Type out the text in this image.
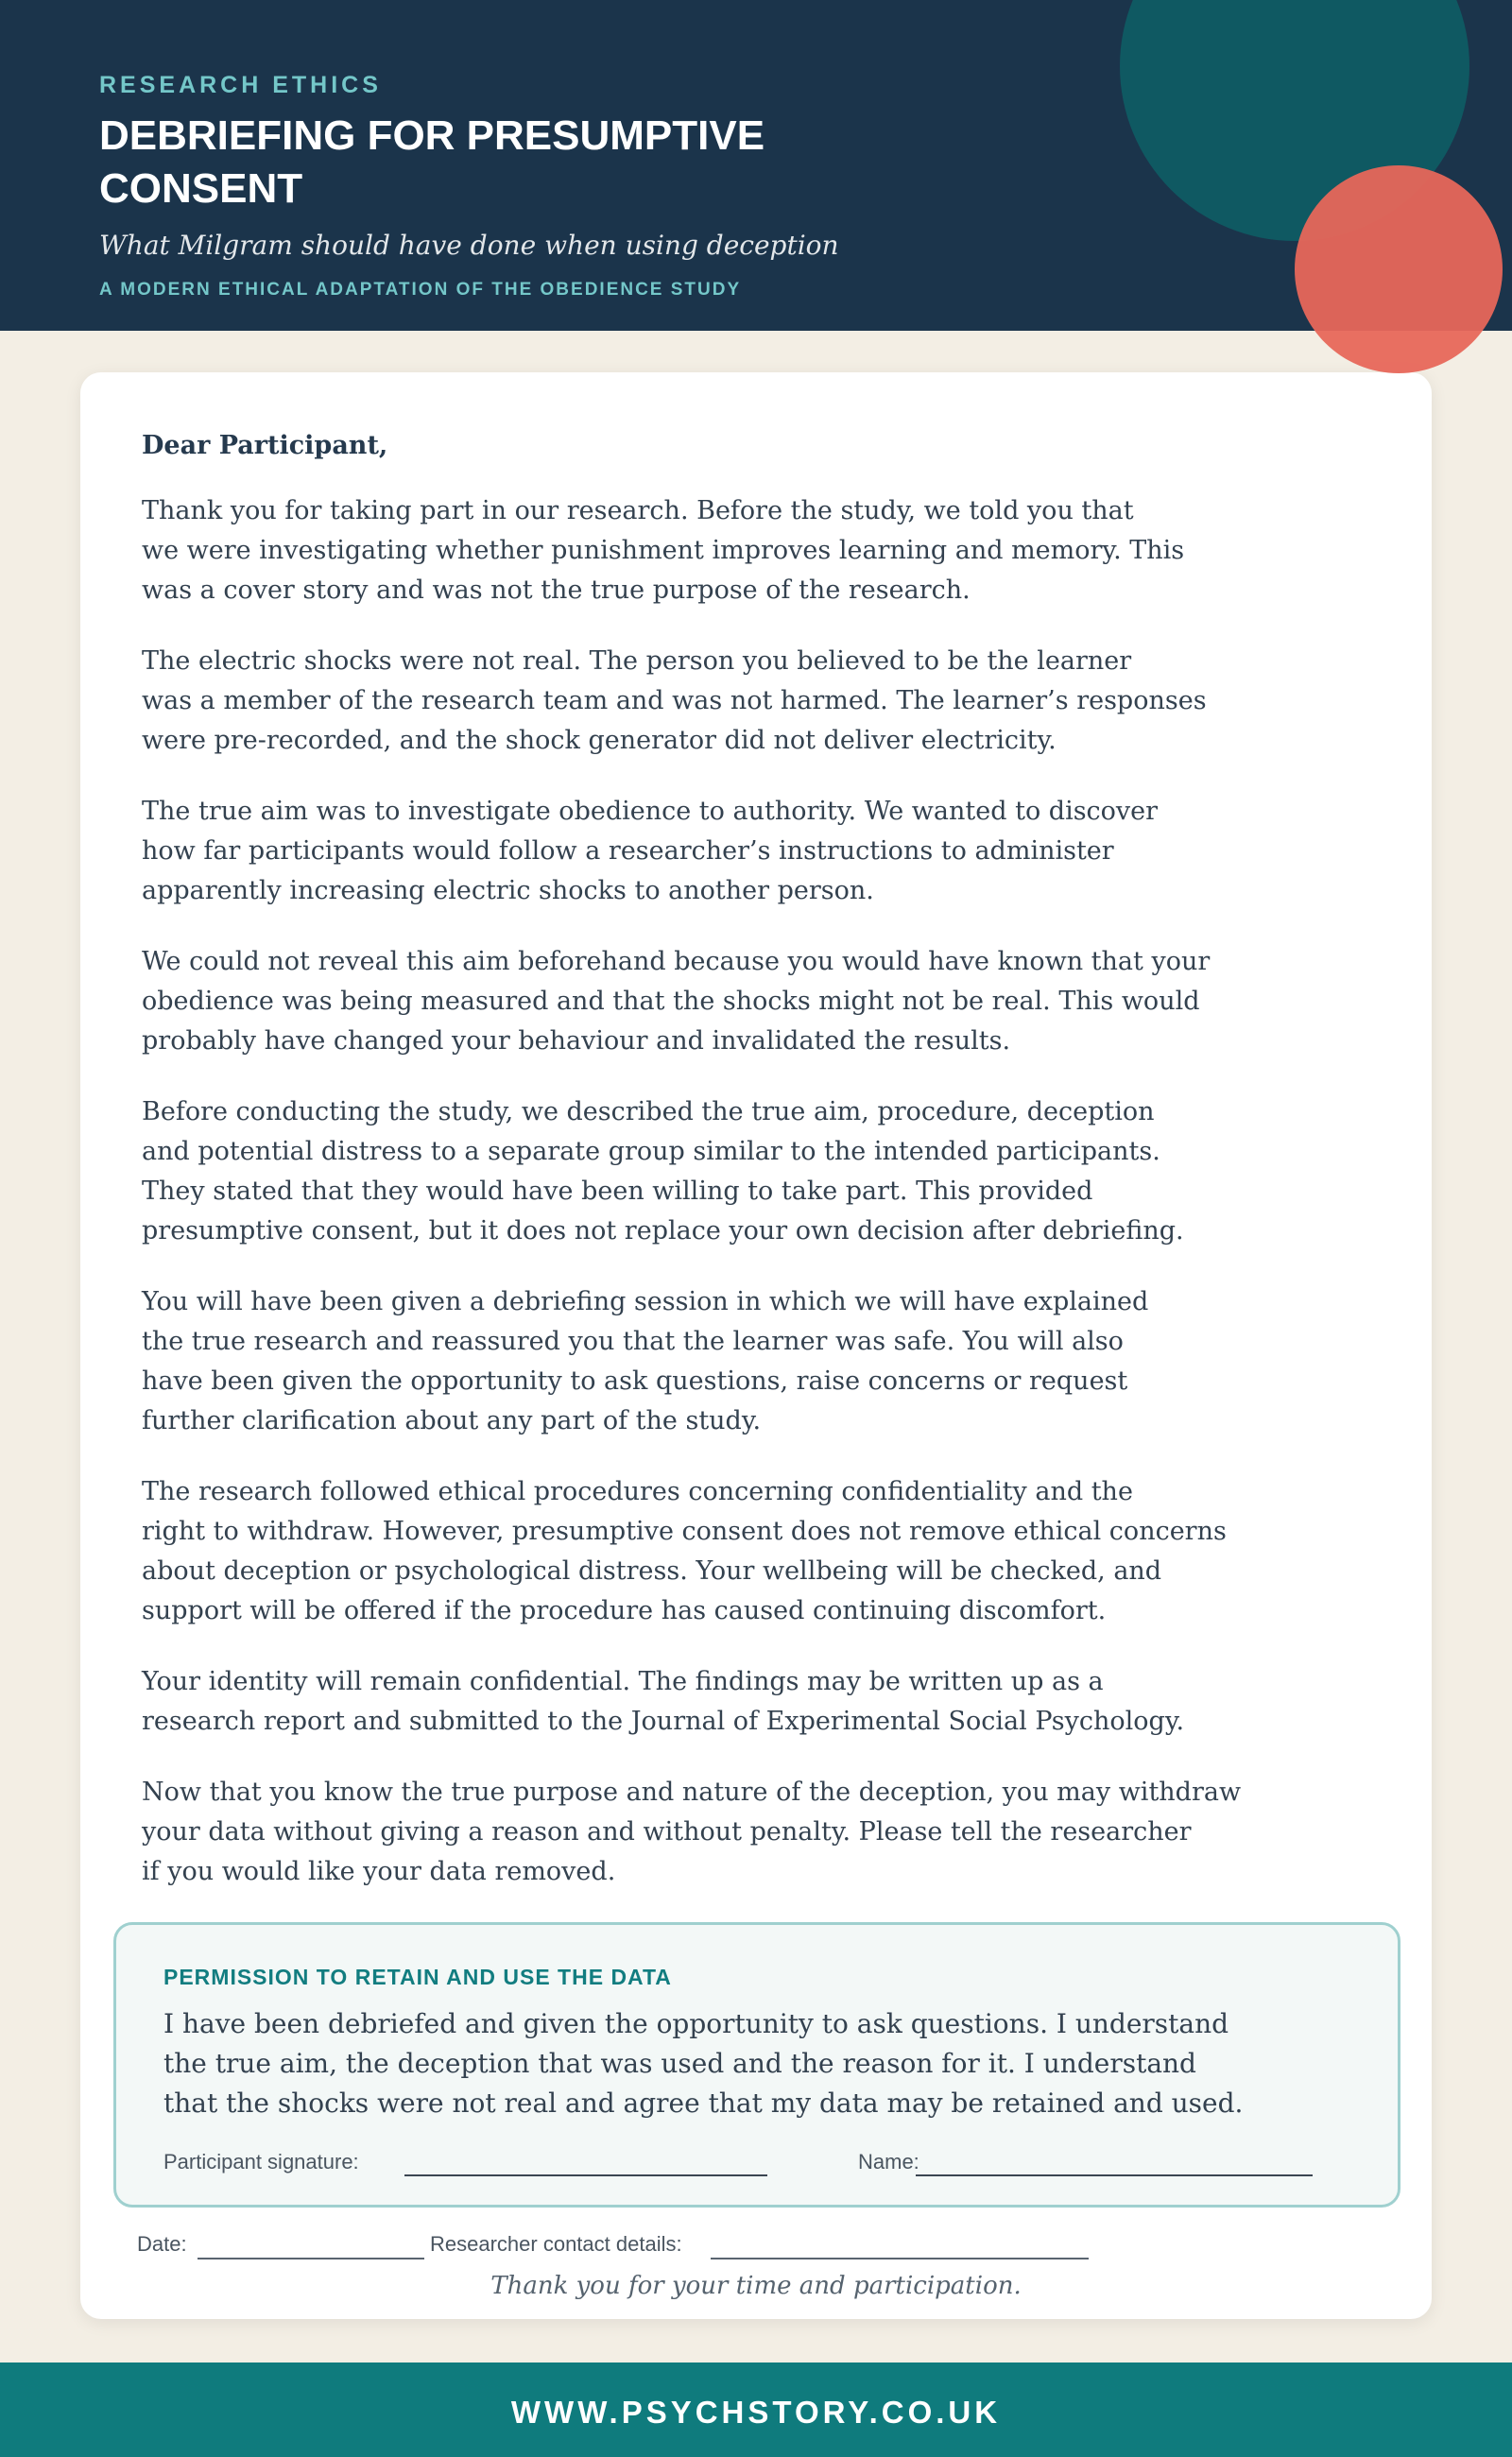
RESEARCH ETHICS
DEBRIEFING FOR PRESUMPTIVE CONSENT
What Milgram should have done when using deception
A MODERN ETHICAL ADAPTATION OF THE OBEDIENCE STUDY
Dear Participant,

Thank you for taking part in our research. Before the study, we told you that
we were investigating whether punishment improves learning and memory. This
was a cover story and was not the true purpose of the research.

The electric shocks were not real. The person you believed to be the learner
was a member of the research team and was not harmed. The learner’s responses
were pre-recorded, and the shock generator did not deliver electricity.

The true aim was to investigate obedience to authority. We wanted to discover
how far participants would follow a researcher’s instructions to administer
apparently increasing electric shocks to another person.

We could not reveal this aim beforehand because you would have known that your
obedience was being measured and that the shocks might not be real. This would
probably have changed your behaviour and invalidated the results.

Before conducting the study, we described the true aim, procedure, deception
and potential distress to a separate group similar to the intended participants.
They stated that they would have been willing to take part. This provided
presumptive consent, but it does not replace your own decision after debriefing.

You will have been given a debriefing session in which we will have explained
the true research and reassured you that the learner was safe. You will also
have been given the opportunity to ask questions, raise concerns or request
further clarification about any part of the study.

The research followed ethical procedures concerning confidentiality and the
right to withdraw. However, presumptive consent does not remove ethical concerns
about deception or psychological distress. Your wellbeing will be checked, and
support will be offered if the procedure has caused continuing discomfort.

Your identity will remain confidential. The findings may be written up as a
research report and submitted to the Journal of Experimental Social Psychology.

Now that you know the true purpose and nature of the deception, you may withdraw
your data without giving a reason and without penalty. Please tell the researcher
if you would like your data removed.

PERMISSION TO RETAIN AND USE THE DATA
I have been debriefed and given the opportunity to ask questions. I understand
the true aim, the deception that was used and the reason for it. I understand
that the shocks were not real and agree that my data may be retained and used.
Participant signature:	Name:
Date:	Researcher contact details:
Thank you for your time and participation.
WWW.PSYCHSTORY.CO.UK
